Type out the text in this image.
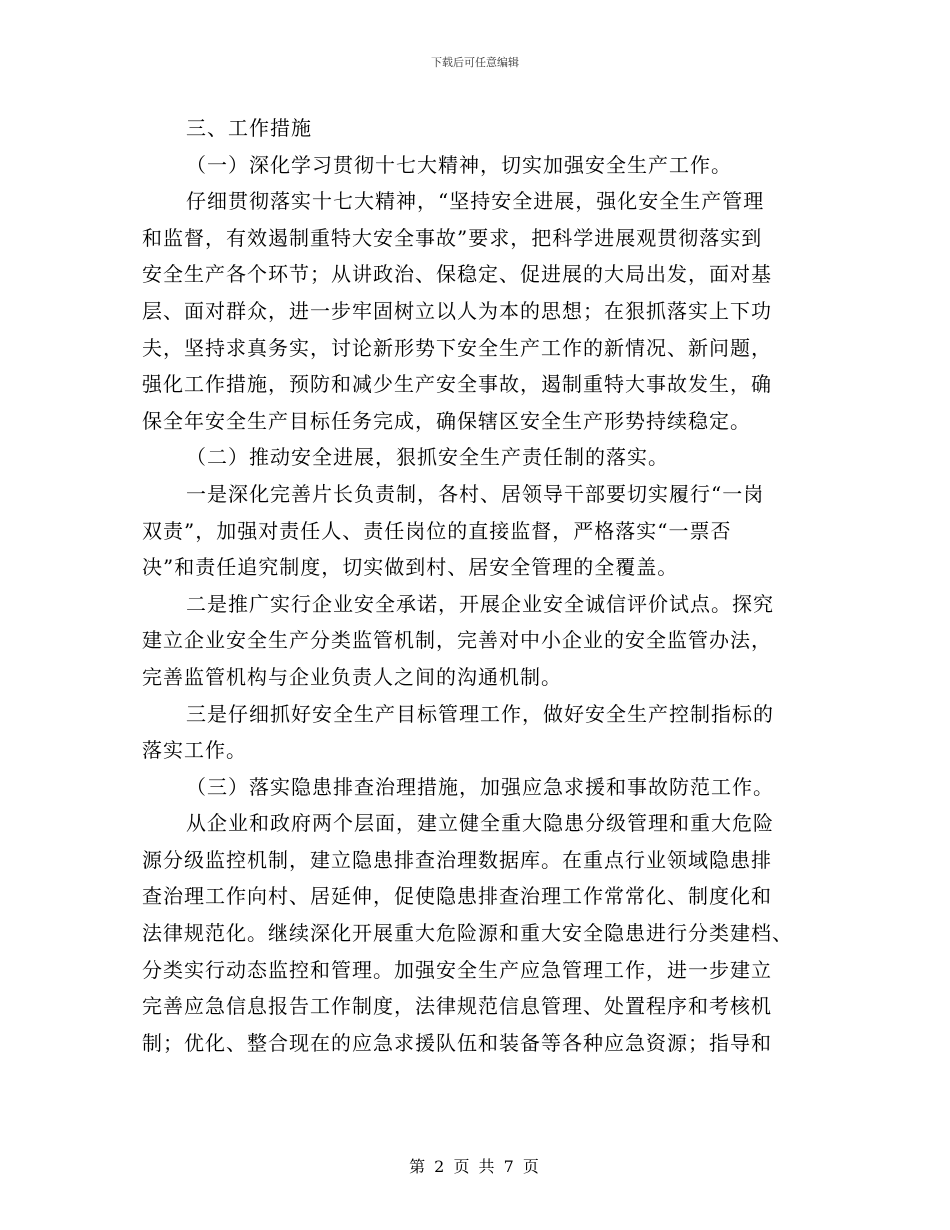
下载后可任意编辑
三、工作措施
（一）深化学习贯彻十七大精神，切实加强安全生产工作。
仔细贯彻落实十七大精神，“坚持安全进展，强化安全生产管理
和监督，有效遏制重特大安全事故”要求，把科学进展观贯彻落实到
安全生产各个环节；从讲政治、保稳定、促进展的大局出发，面对基
层、面对群众，进一步牢固树立以人为本的思想；在狠抓落实上下功
夫，坚持求真务实，讨论新形势下安全生产工作的新情况、新问题，
强化工作措施，预防和减少生产安全事故，遏制重特大事故发生，确
保全年安全生产目标任务完成，确保辖区安全生产形势持续稳定。
（二）推动安全进展，狠抓安全生产责任制的落实。
一是深化完善片长负责制，各村、居领导干部要切实履行“一岗
双责”，加强对责任人、责任岗位的直接监督，严格落实“一票否
决”和责任追究制度，切实做到村、居安全管理的全覆盖。
二是推广实行企业安全承诺，开展企业安全诚信评价试点。探究
建立企业安全生产分类监管机制，完善对中小企业的安全监管办法，
完善监管机构与企业负责人之间的沟通机制。
三是仔细抓好安全生产目标管理工作，做好安全生产控制指标的
落实工作。
（三）落实隐患排查治理措施，加强应急求援和事故防范工作。
从企业和政府两个层面，建立健全重大隐患分级管理和重大危险
源分级监控机制，建立隐患排查治理数据库。在重点行业领域隐患排
查治理工作向村、居延伸，促使隐患排查治理工作常常化、制度化和
法律规范化。继续深化开展重大危险源和重大安全隐患进行分类建档、
分类实行动态监控和管理。加强安全生产应急管理工作，进一步建立
完善应急信息报告工作制度，法律规范信息管理、处置程序和考核机
制；优化、整合现在的应急求援队伍和装备等各种应急资源；指导和
第 2 页 共 7 页
